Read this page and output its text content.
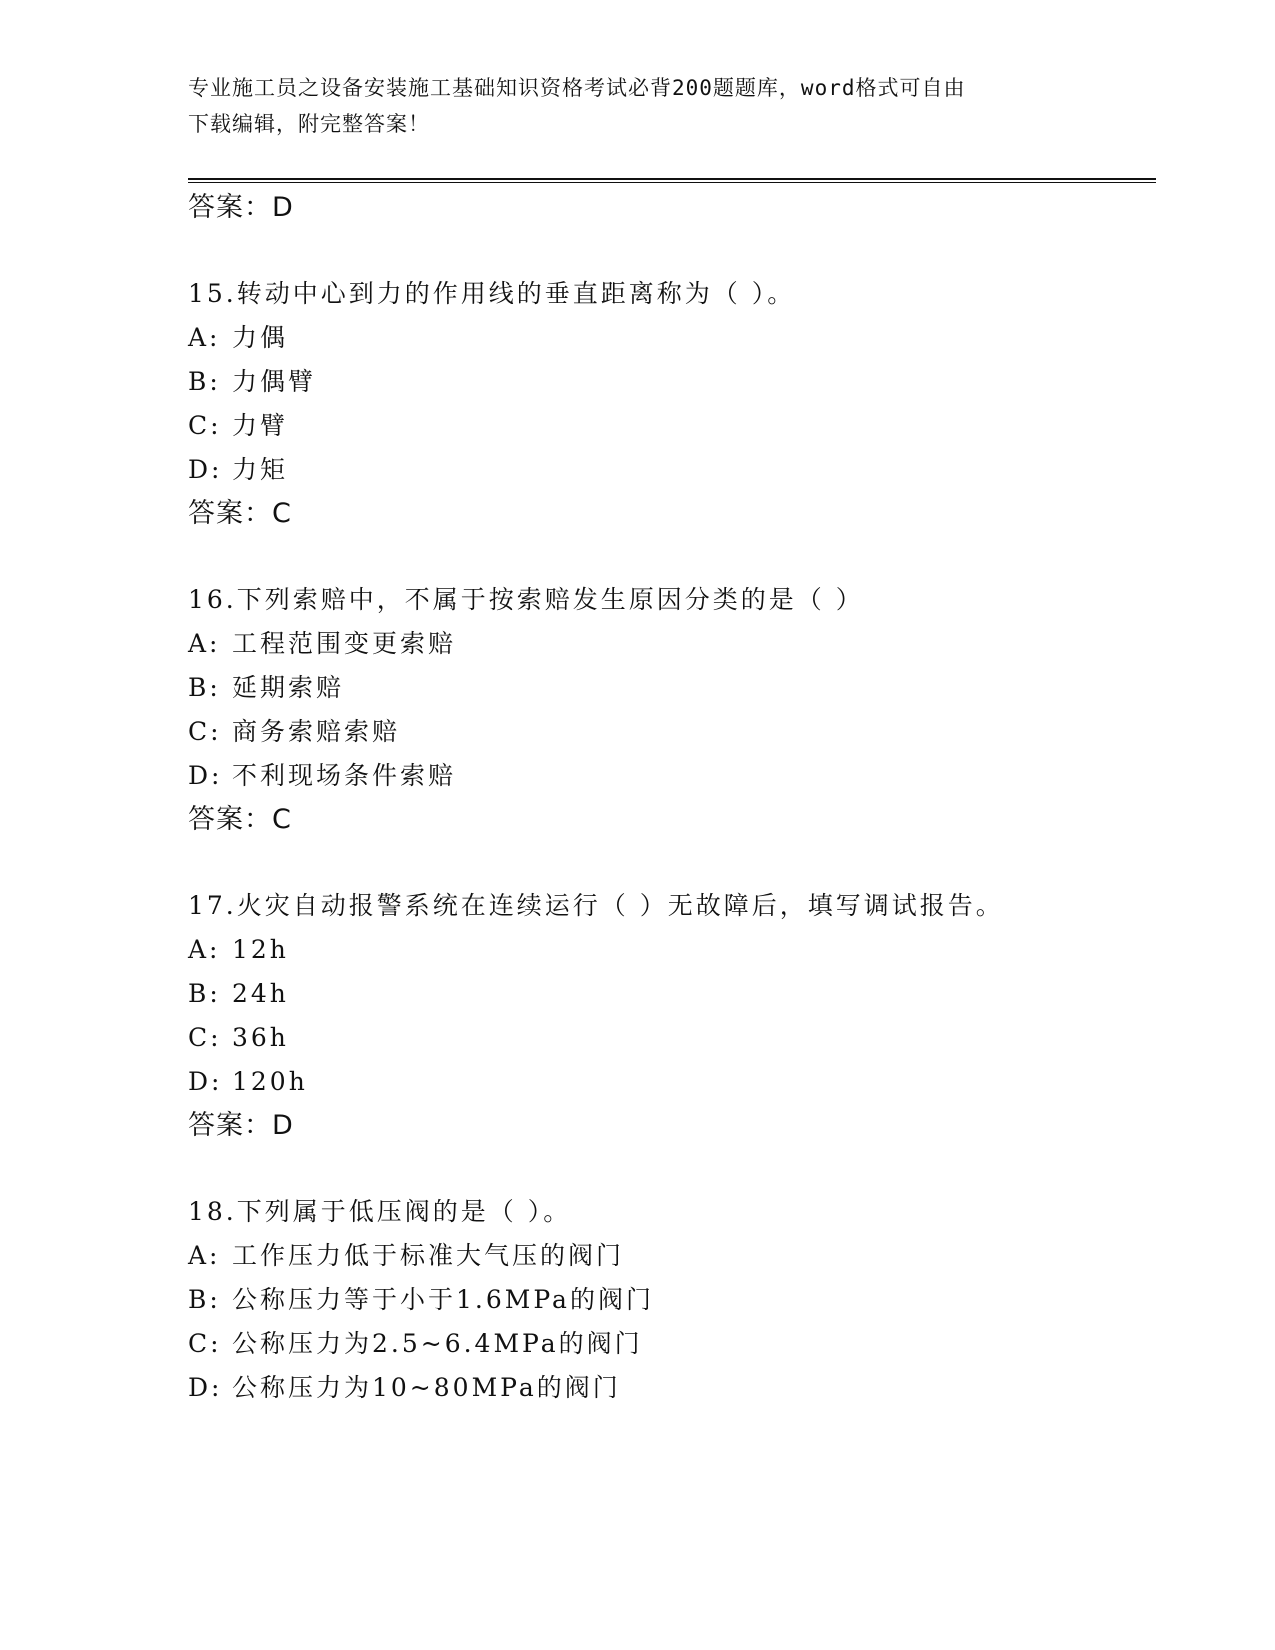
专业施工员之设备安装施工基础知识资格考试必背200题题库，word格式可自由
下载编辑，附完整答案！
答案：D
15.转动中心到力的作用线的垂直距离称为（ ）。
A: 力偶
B: 力偶臂
C: 力臂
D: 力矩
答案：C
16.下列索赔中，不属于按索赔发生原因分类的是（ ）
A: 工程范围变更索赔
B: 延期索赔
C: 商务索赔索赔
D: 不利现场条件索赔
答案：C
17.火灾自动报警系统在连续运行（ ）无故障后，填写调试报告。
A: 12h
B: 24h
C: 36h
D: 120h
答案：D
18.下列属于低压阀的是（ ）。
A: 工作压力低于标准大气压的阀门
B: 公称压力等于小于1.6MPa的阀门
C: 公称压力为2.5~6.4MPa的阀门
D: 公称压力为10~80MPa的阀门
